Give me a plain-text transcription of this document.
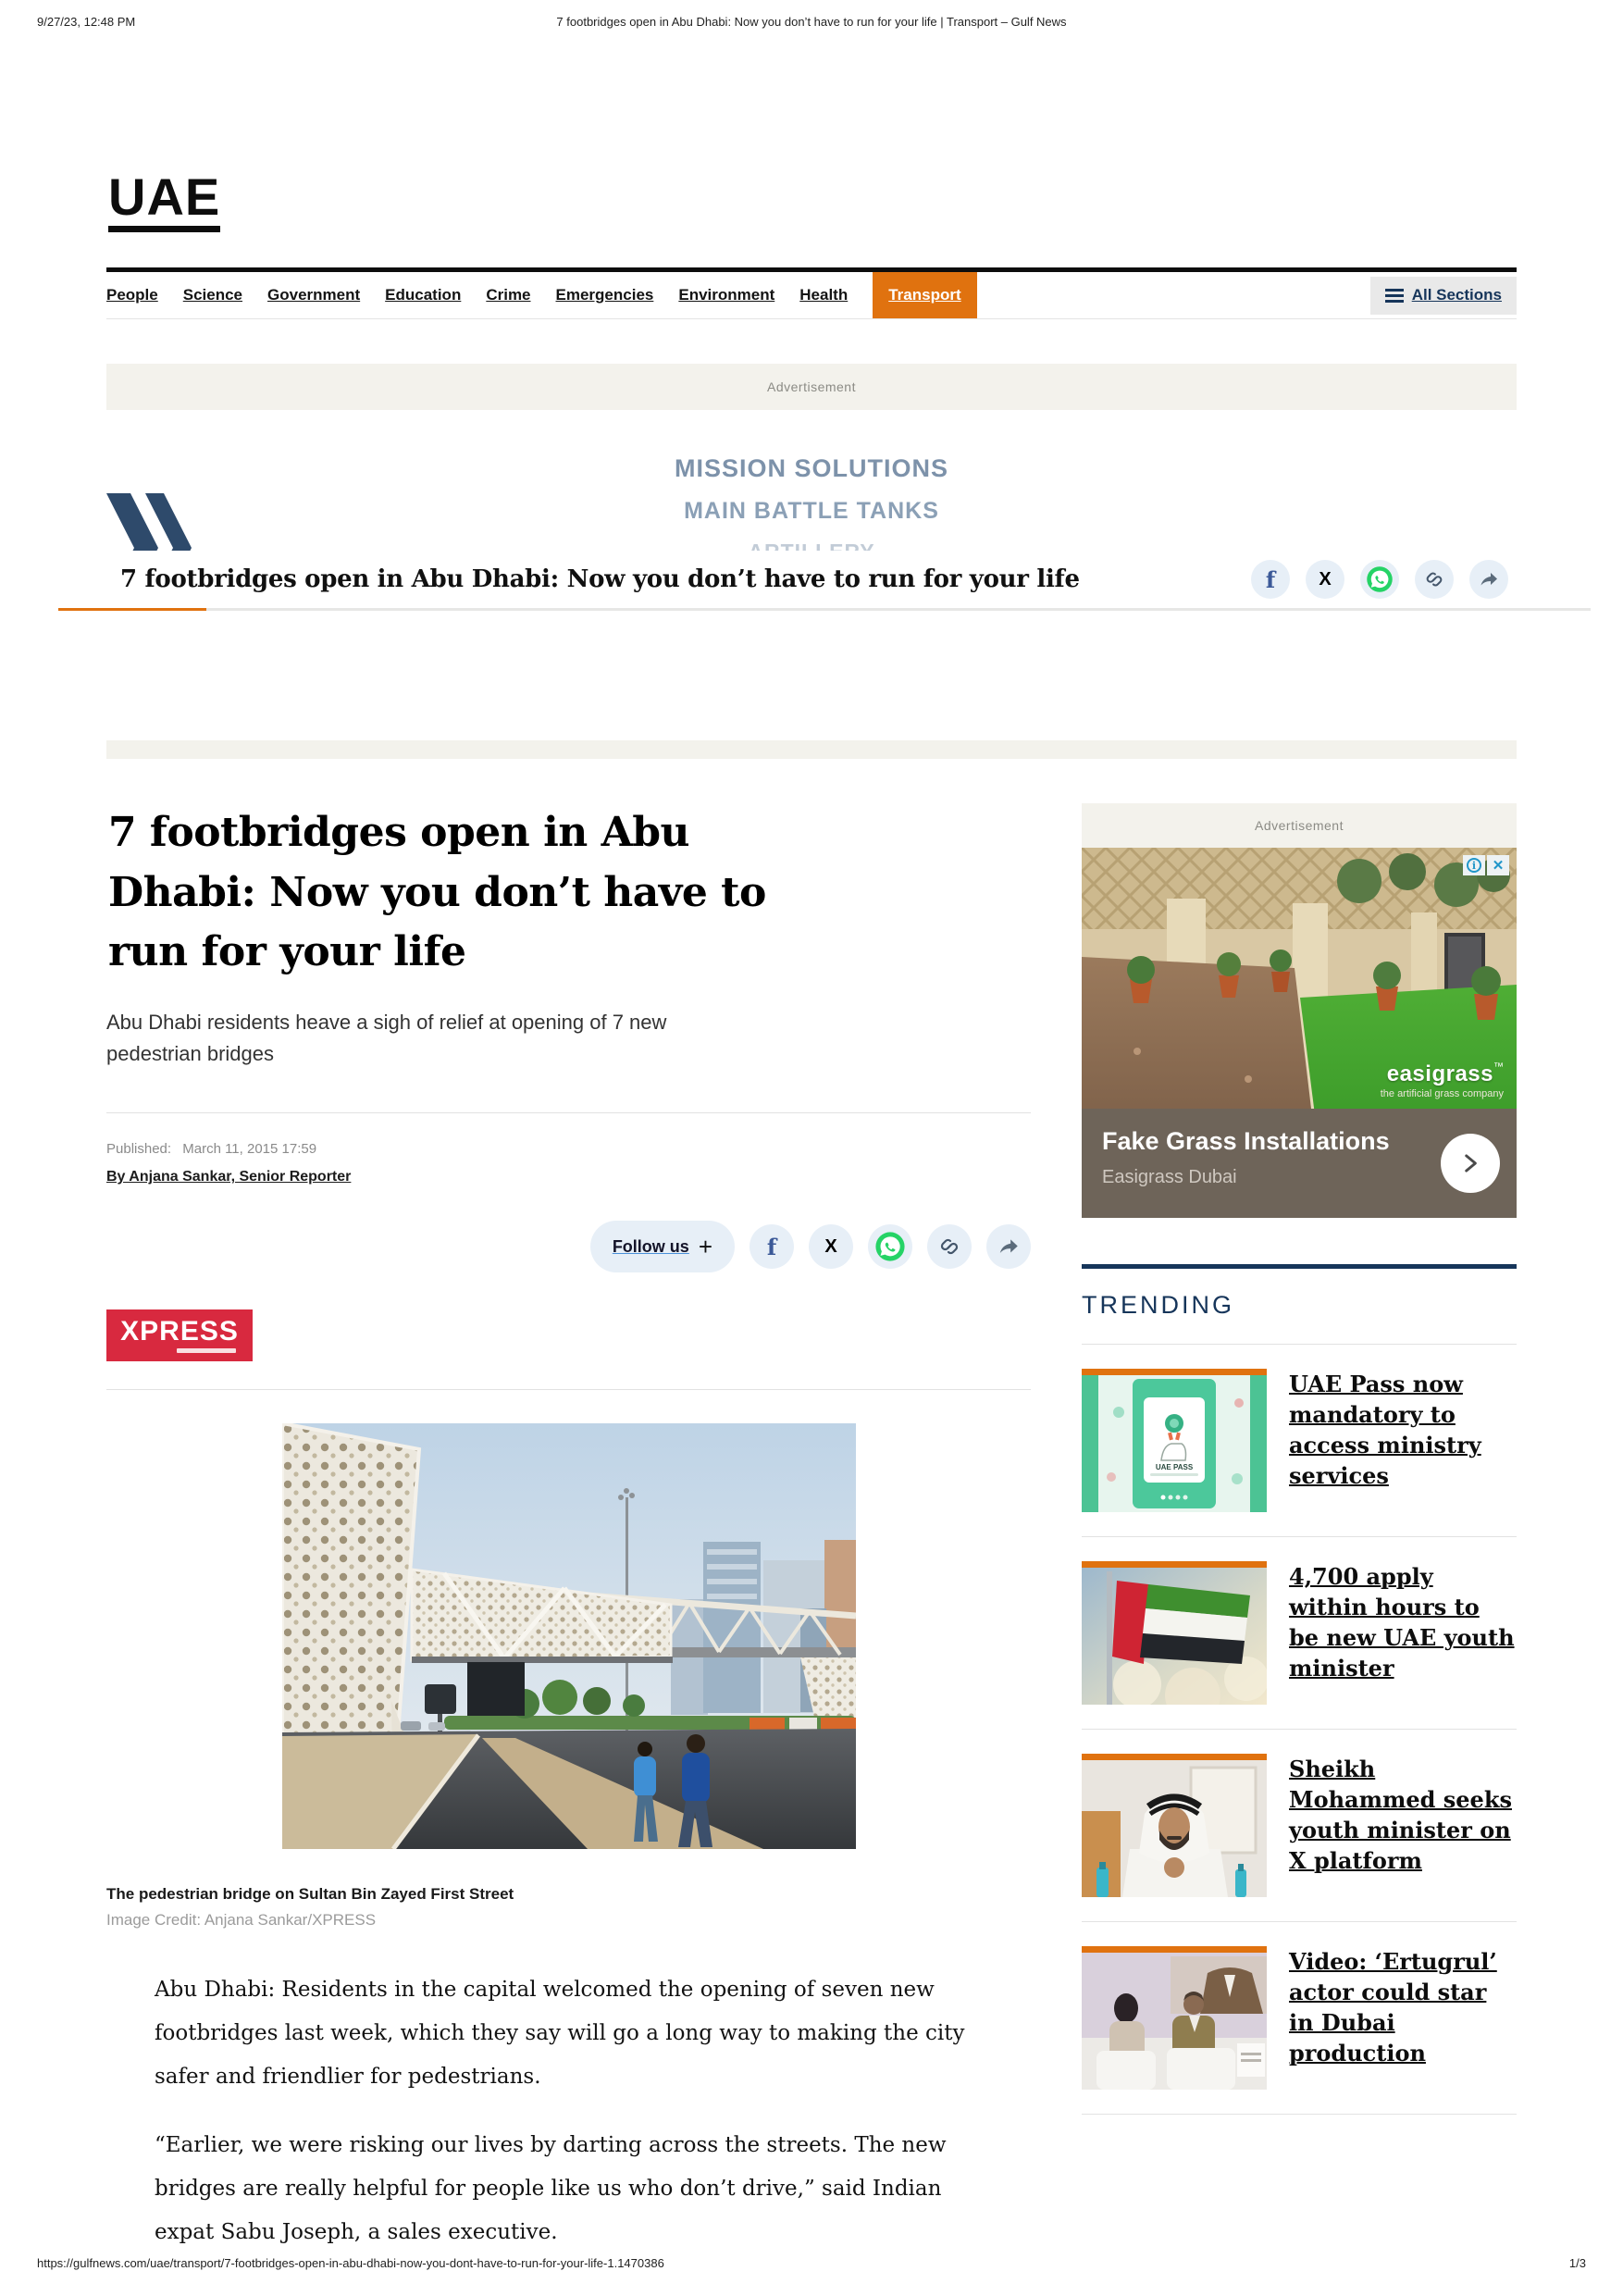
9/27/23, 12:48 PM	7 footbridges open in Abu Dhabi: Now you don’t have to run for your life | Transport – Gulf News
UAE
People Science Government Education Crime Emergencies Environment Health	Transport	All Sections
Advertisement
MISSION SOLUTIONS
MAIN BATTLE TANKS
7 footbridges open in Abu Dhabi: Now you don’t have to run for your life	f X
7 footbridges open in Abu Dhabi: Now you don’t have to run for your life
Abu Dhabi residents heave a sigh of relief at opening of 7 new pedestrian bridges
Published: March 11, 2015 17:59
By Anjana Sankar, Senior Reporter
Follow us + f	X
XPRESS
The pedestrian bridge on Sultan Bin Zayed First Street
Image Credit: Anjana Sankar/XPRESS

Abu Dhabi: Residents in the capital welcomed the opening of seven new footbridges last week, which they say will go a long way to making the city safer and friendlier for pedestrians.

“Earlier, we were risking our lives by darting across the streets. The new bridges are really helpful for people like us who don’t drive,” said Indian expat Sabu Joseph, a sales executive.

Advertisement
i	✕
easigrass™
the artificial grass company
Fake Grass Installations
Easigrass Dubai
TRENDING
UAE PASS
UAE Pass now mandatory to access ministry services
4,700 apply within hours to be new UAE youth minister
Sheikh Mohammed seeks youth minister on X platform
Video: ‘Ertugrul’ actor could star in Dubai production
https://gulfnews.com/uae/transport/7-footbridges-open-in-abu-dhabi-now-you-dont-have-to-run-for-your-life-1.1470386	1/3
